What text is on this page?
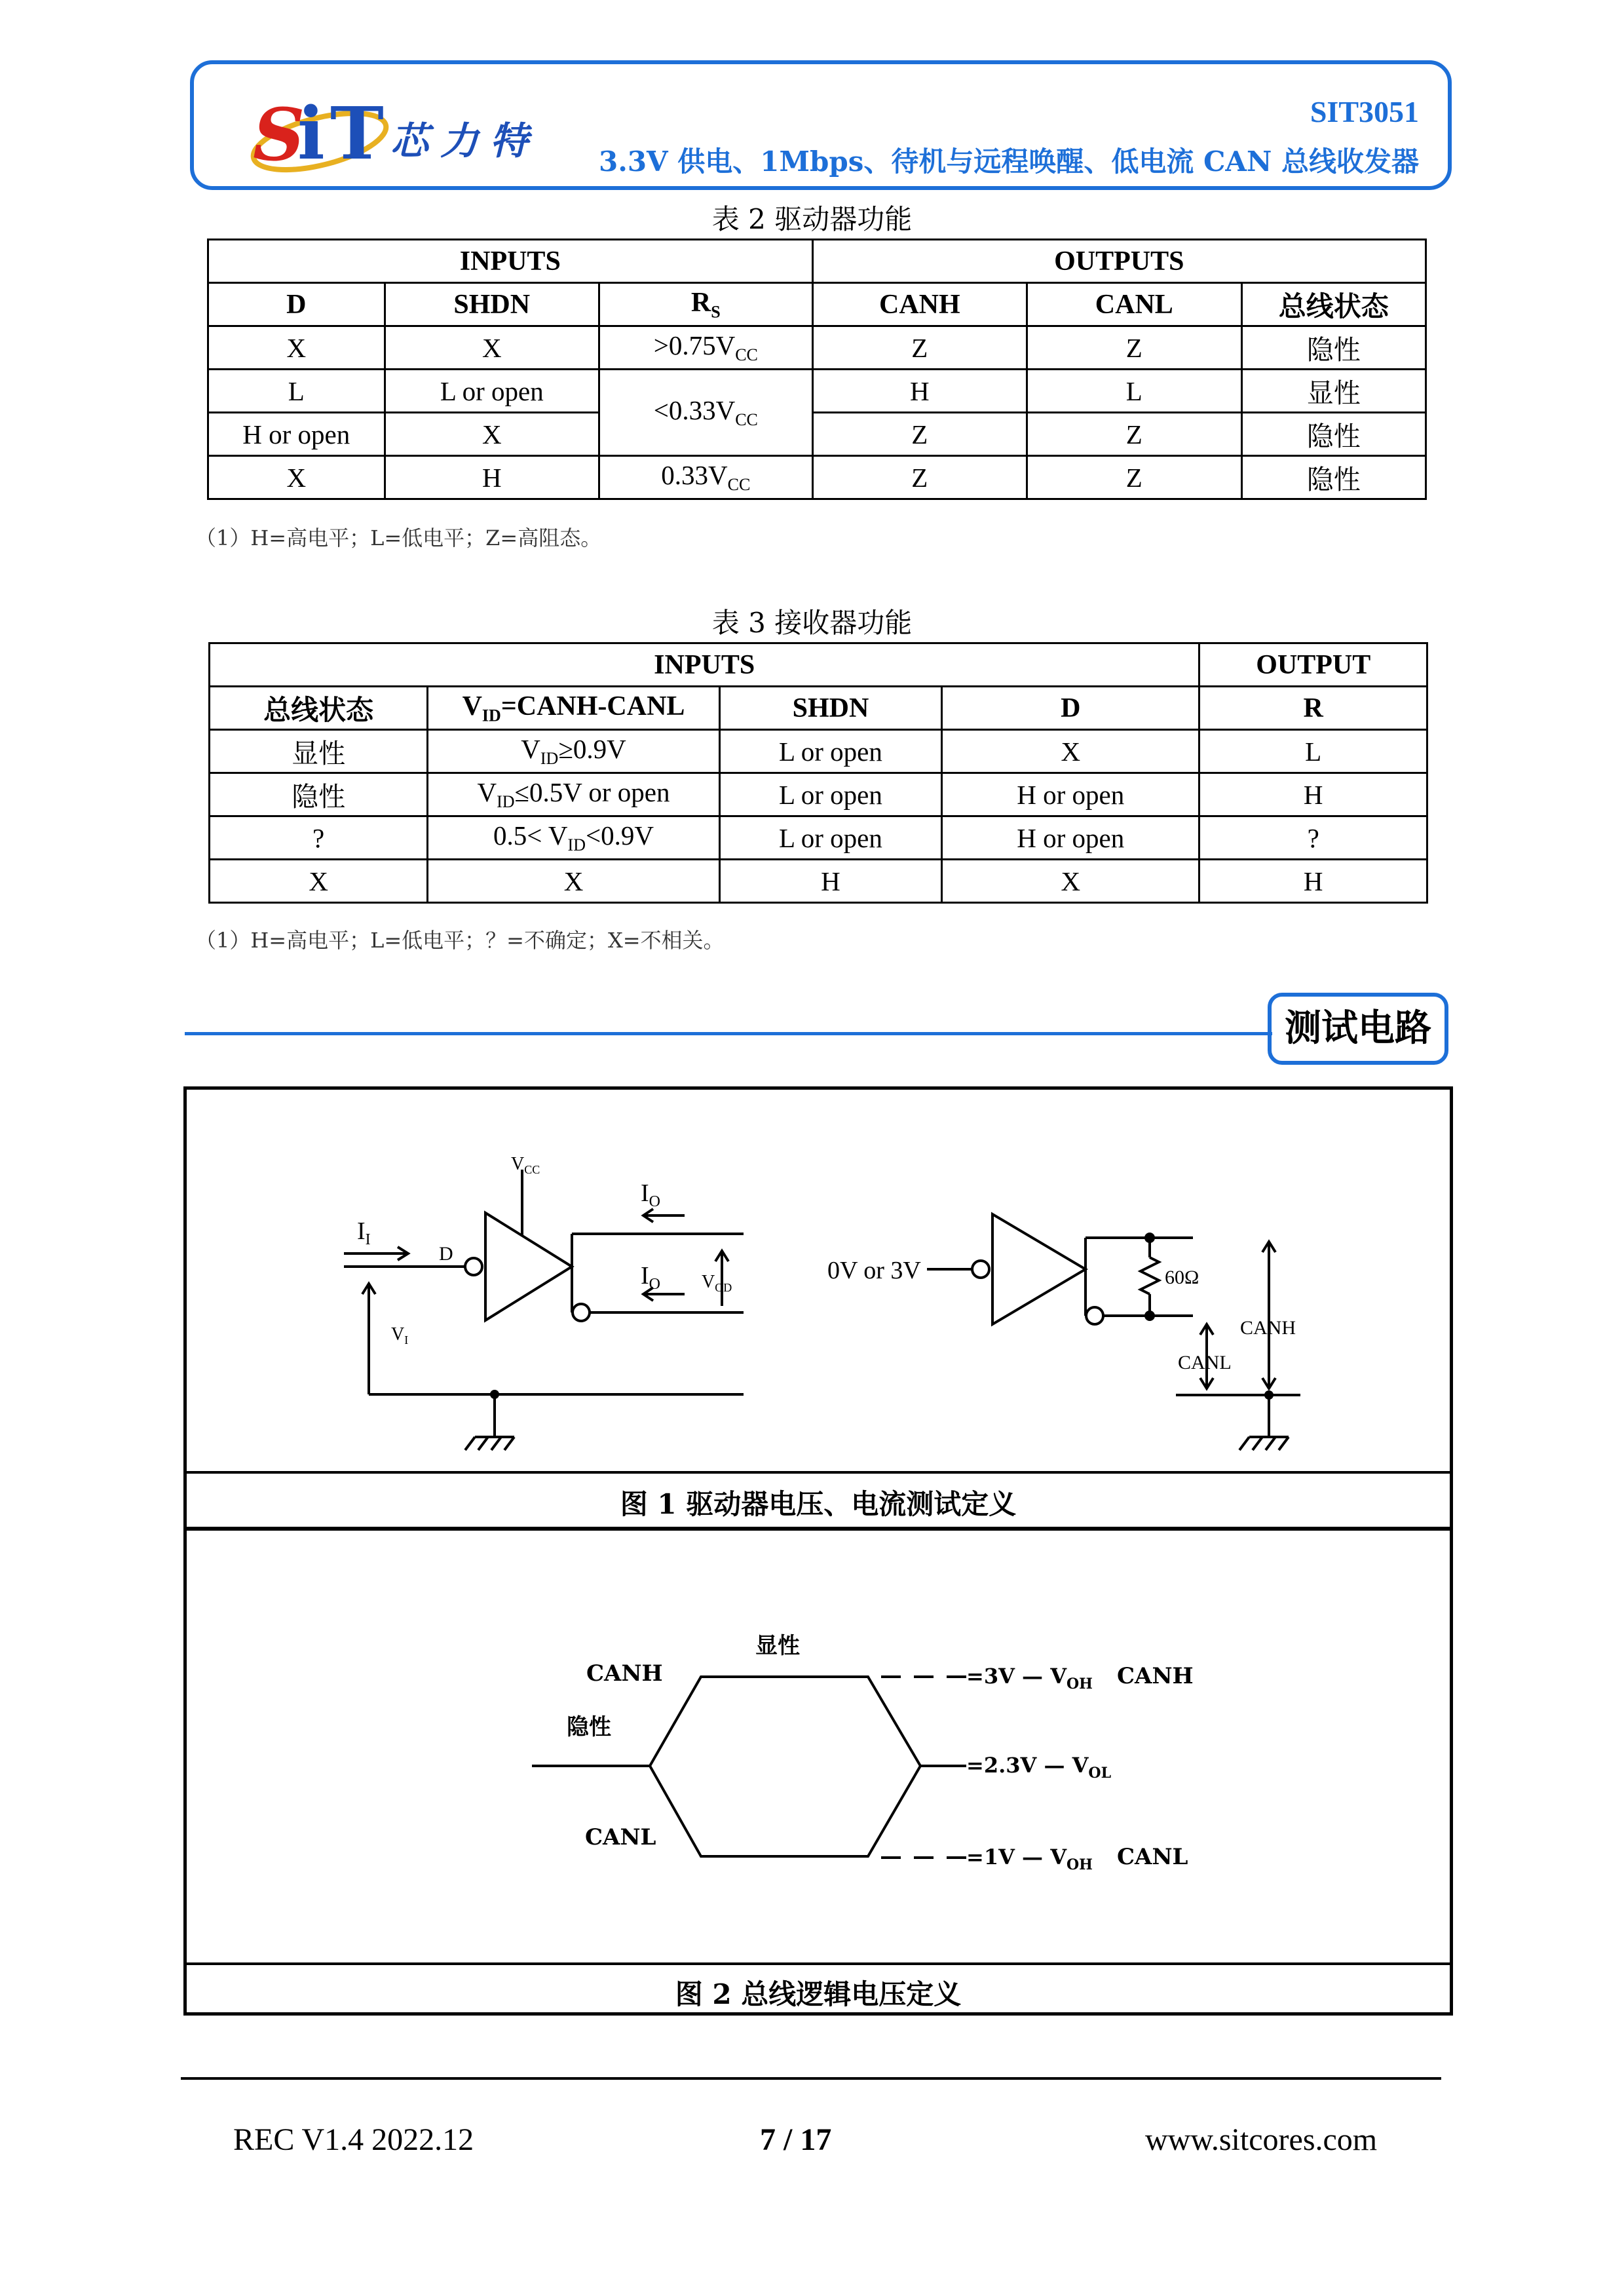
S
i T 芯力特
SIT3051
3.3V 供电、1Mbps、待机与远程唤醒、低电流 CAN 总线收发器
表 2 驱动器功能
INPUTS			OUTPUTS		
D	SHDN	$R_S$	CANH	CANL	总线状态
X	X	$>0.75V_{CC}$	Z	Z	隐性
L	L or open	$<0.33V_{CC}$	H	L	显性
H or open	X		Z	Z	隐性
X	H	$0.33V_{CC}$	Z	Z	隐性
（1）H=高电平；L=低电平；Z=高阻态。
表 3 接收器功能
INPUTS				OUTPUT
总线状态	$V_{ID}=CANH$-CANL	SHDN	D	R
显性	$V_{ID}\ge 0.9V$	L or open	X	L
隐性	$V_{ID}\le 0.5V$ or open	L or open	H or open	H
?	$0.5< V_{ID}<0.9V$	L or open	H or open	?
X	X	H	X	H
（1）H=高电平；L=低电平；？=不确定；X=不相关。
测试电路
$V_{CC}$
$I_O$
$I_I$
D
$I_O$ $V_{OD}$
$V_I$
0V or 3V	60Ω
CANH
CANL
图 1 驱动器电压、电流测试定义
显性
CANH
隐性
CANL
=3V — $V_{OH}$ CANH
=2.3V — $V_{OL}$
=1V — $V_{OH}$ CANL
图 2 总线逻辑电压定义
REC V1.4 2022.12	7 / 17	www.sitcores.com
